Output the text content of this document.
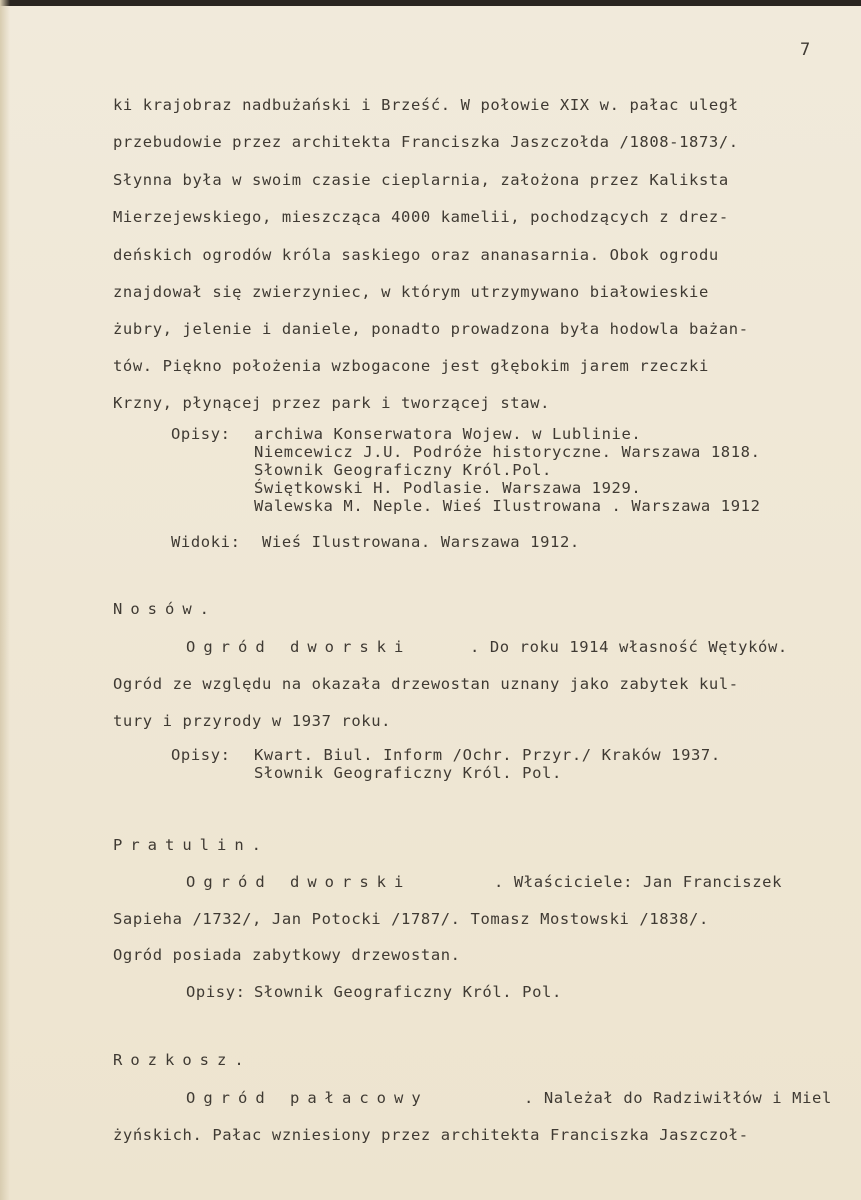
7
ki krajobraz nadbużański i Brześć. W połowie XIX w. pałac uległ
przebudowie przez architekta Franciszka Jaszczołda /1808-1873/.
Słynna była w swoim czasie cieplarnia, założona przez Kaliksta
Mierzejewskiego, mieszcząca 4000 kamelii, pochodzących z drez-
deńskich ogrodów króla saskiego oraz ananasarnia. Obok ogrodu
znajdował się zwierzyniec, w którym utrzymywano białowieskie
żubry, jelenie i daniele, ponadto prowadzona była hodowla bażan-
tów. Piękno położenia wzbogacone jest głębokim jarem rzeczki
Krzny, płynącej przez park i tworzącej staw.
Opisy: archiwa Konserwatora Wojew. w Lublinie.
Niemcewicz J.U. Podróże historyczne. Warszawa 1818.
Słownik Geograficzny Król.Pol.
Świętkowski H. Podlasie. Warszawa 1929.
Walewska M. Neple. Wieś Ilustrowana . Warszawa 1912
Widoki: Wieś Ilustrowana. Warszawa 1912.
Nosów.
Ogród dworski	. Do roku 1914 własność Wętyków.
Ogród ze względu na okazała drzewostan uznany jako zabytek kul-
tury i przyrody w 1937 roku.
Opisy: Kwart. Biul. Inform /Ochr. Przyr./ Kraków 1937.
Słownik Geograficzny Król. Pol.
Pratulin.
Ogród dworski	. Właściciele: Jan Franciszek
Sapieha /1732/, Jan Potocki /1787/. Tomasz Mostowski /1838/.
Ogród posiada zabytkowy drzewostan.
Opisy: Słownik Geograficzny Król. Pol.
Rozkosz.
Ogród pałacowy	. Należał do Radziwiłłów i Miel
żyńskich. Pałac wzniesiony przez architekta Franciszka Jaszczoł-
